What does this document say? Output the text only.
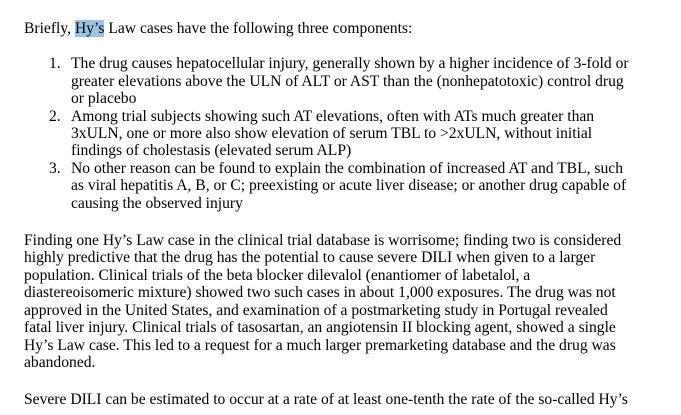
Briefly, Hy’s Law cases have the following three components:

1. The drug causes hepatocellular injury, generally shown by a higher incidence of 3-fold or
greater elevations above the ULN of ALT or AST than the (nonhepatotoxic) control drug
or placebo
2. Among trial subjects showing such AT elevations, often with ATs much greater than
3xULN, one or more also show elevation of serum TBL to >2xULN, without initial
findings of cholestasis (elevated serum ALP)
3. No other reason can be found to explain the combination of increased AT and TBL, such
as viral hepatitis A, B, or C; preexisting or acute liver disease; or another drug capable of
causing the observed injury
Finding one Hy’s Law case in the clinical trial database is worrisome; finding two is considered
highly predictive that the drug has the potential to cause severe DILI when given to a larger
population. Clinical trials of the beta blocker dilevalol (enantiomer of labetalol, a
diastereoisomeric mixture) showed two such cases in about 1,000 exposures. The drug was not
approved in the United States, and examination of a postmarketing study in Portugal revealed
fatal liver injury. Clinical trials of tasosartan, an angiotensin II blocking agent, showed a single
Hy’s Law case. This led to a request for a much larger premarketing database and the drug was
abandoned.

Severe DILI can be estimated to occur at a rate of at least one-tenth the rate of the so-called Hy’s
